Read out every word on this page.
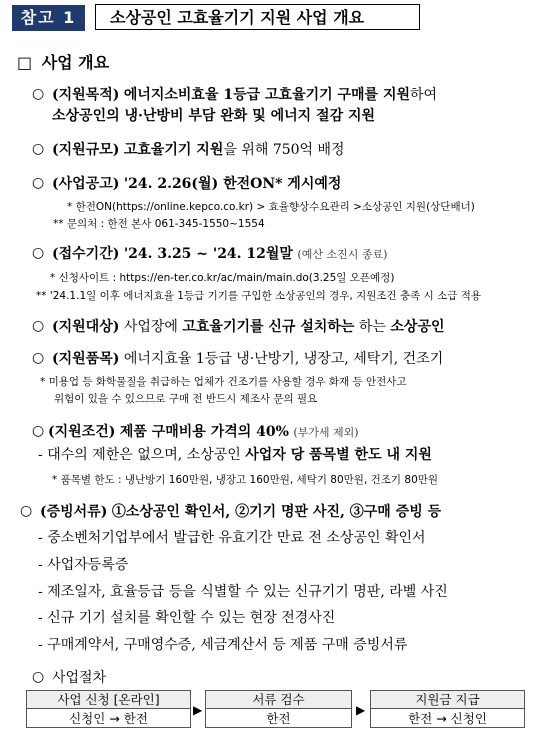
참고 1	소상공인 고효율기기 지원 사업 개요
□ 사업 개요
○ (지원목적) 에너지소비효율 1등급 고효율기기 구매를 지원하여
소상공인의 냉·난방비 부담 완화 및 에너지 절감 지원
○ (지원규모) 고효율기기 지원을 위해 750억 배정
○ (사업공고) '24. 2.26(월) 한전ON* 게시예정
* 한전ON(https://online.kepco.co.kr) > 효율향상수요관리 >소상공인 지원(상단배너)
** 문의처 : 한전 본사 061-345-1550~1554
○ (접수기간) '24. 3.25 ~ '24. 12월말 (예산 소진시 종료)
* 신청사이트 : https://en-ter.co.kr/ac/main/main.do(3.25일 오픈예정)
** '24.1.1일 이후 에너지효율 1등급 기기를 구입한 소상공인의 경우, 지원조건 충족 시 소급 적용
○ (지원대상) 사업장에 고효율기기를 신규 설치하는 하는 소상공인
○ (지원품목) 에너지효율 1등급 냉·난방기, 냉장고, 세탁기, 건조기
* 미용업 등 화학물질을 취급하는 업체가 건조기를 사용할 경우 화재 등 안전사고
위험이 있을 수 있으므로 구매 전 반드시 제조사 문의 필요
○ (지원조건) 제품 구매비용 가격의 40% (부가세 제외)
- 대수의 제한은 없으며, 소상공인 사업자 당 품목별 한도 내 지원
* 품목별 한도 : 냉난방기 160만원, 냉장고 160만원, 세탁기 80만원, 건조기 80만원
○ (증빙서류) ①소상공인 확인서, ②기기 명판 사진, ③구매 증빙 등
- 중소벤처기업부에서 발급한 유효기간 만료 전 소상공인 확인서
- 사업자등록증
- 제조일자, 효율등급 등을 식별할 수 있는 신규기기 명판, 라벨 사진
- 신규 기기 설치를 확인할 수 있는 현장 전경사진
- 구매계약서, 구매영수증, 세금계산서 등 제품 구매 증빙서류
○ 사업절차
사업 신청 [온라인]
신청인 → 한전
▶
서류 검수
한전
▶
지원금 지급
한전 → 신청인
